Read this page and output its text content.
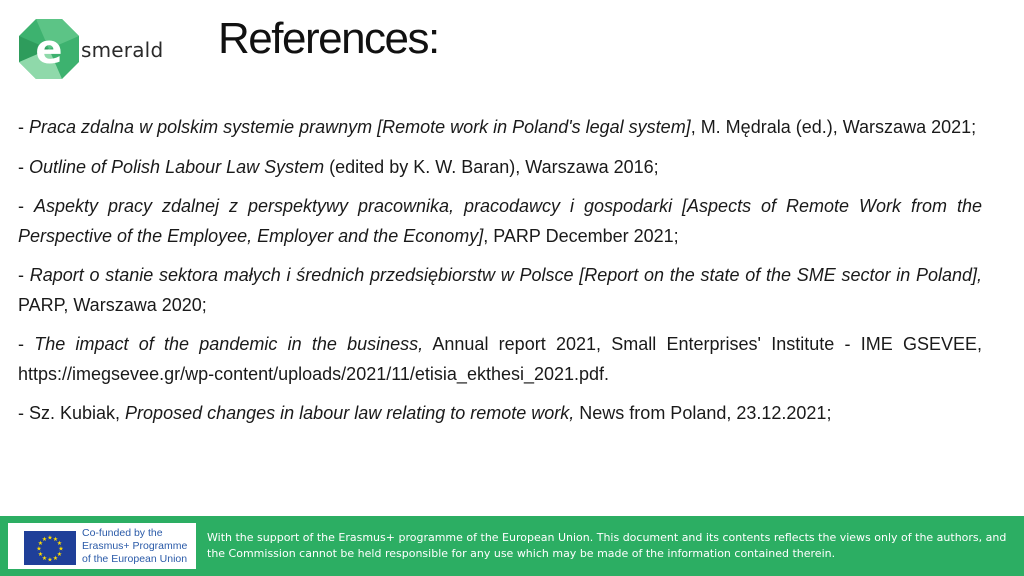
e smerald References:

- Praca zdalna w polskim systemie prawnym [Remote work in Poland's legal system], M. Mędrala (ed.), Warszawa 2021;

- Outline of Polish Labour Law System (edited by K. W. Baran), Warszawa 2016;

- Aspekty pracy zdalnej z perspektywy pracownika, pracodawcy i gospodarki [Aspects of Remote Work from the Perspective of the Employee, Employer and the Economy], PARP December 2021;

- Raport o stanie sektora małych i średnich przedsiębiorstw w Polsce [Report on the state of the SME sector in Poland], PARP, Warszawa 2020;

- The impact of the pandemic in the business, Annual report 2021, Small Enterprises' Institute - IME GSEVEE, https://imegsevee.gr/wp-content/uploads/2021/11/etisia_ekthesi_2021.pdf.

- Sz. Kubiak, Proposed changes in labour law relating to remote work, News from Poland, 23.12.2021;

★ ★
★
★
★
★
★
★
★
★
★
★
Co-funded by the
Erasmus+ Programme
of the European Union
With the support of the Erasmus+ programme of the European Union. This document and its contents reflects the views only of the authors, and the Commission cannot be held responsible for any use which may be made of the information contained therein.
